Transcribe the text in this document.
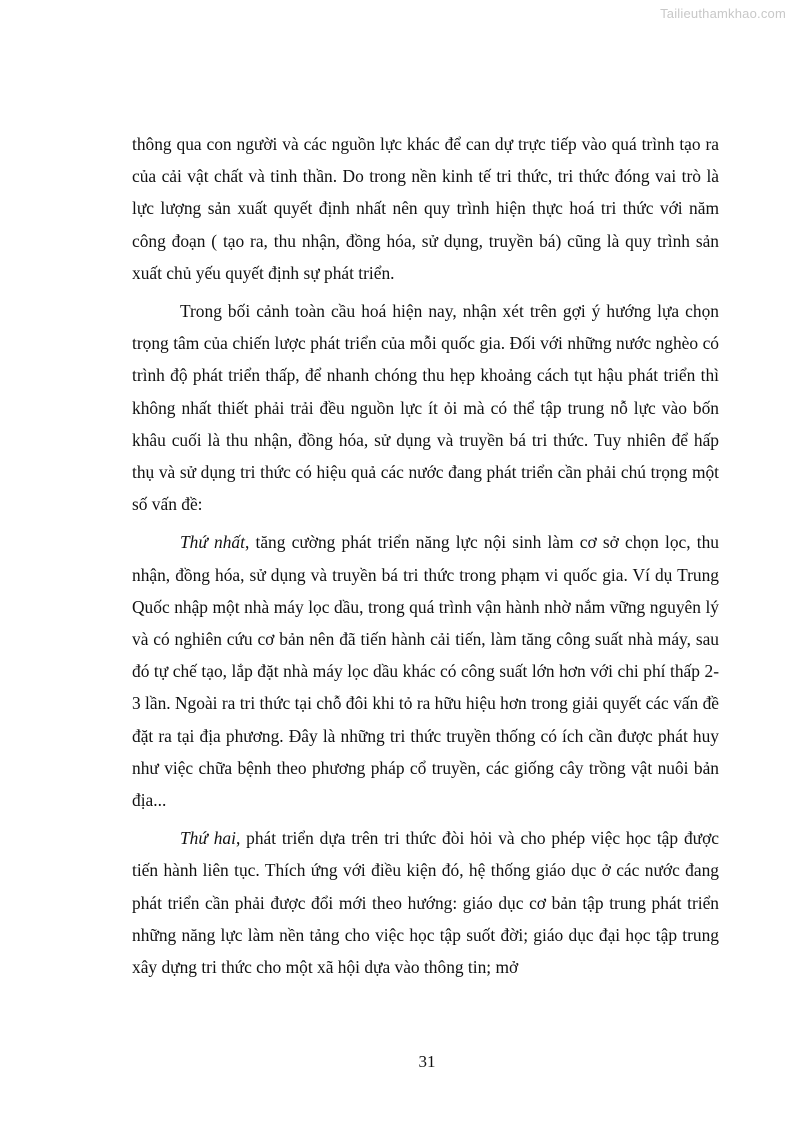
Tailieuthamkhao.com

thông qua con người và các nguồn lực khác để can dự trực tiếp vào quá trình tạo ra của cải vật chất và tinh thần. Do trong nền kinh tế tri thức, tri thức đóng vai trò là lực lượng sản xuất quyết định nhất nên quy trình hiện thực hoá tri thức với năm công đoạn ( tạo ra, thu nhận, đồng hóa, sử dụng, truyền bá) cũng là quy trình sản xuất chủ yếu quyết định sự phát triển.

Trong bối cảnh toàn cầu hoá hiện nay, nhận xét trên gợi ý hướng lựa chọn trọng tâm của chiến lược phát triển của mỗi quốc gia. Đối với những nước nghèo có trình độ phát triển thấp, để nhanh chóng thu hẹp khoảng cách tụt hậu phát triển thì không nhất thiết phải trải đều nguồn lực ít ỏi mà có thể tập trung nỗ lực vào bốn khâu cuối là thu nhận, đồng hóa, sử dụng và truyền bá tri thức. Tuy nhiên để hấp thụ và sử dụng tri thức có hiệu quả các nước đang phát triển cần phải chú trọng một số vấn đề:

Thứ nhất, tăng cường phát triển năng lực nội sinh làm cơ sở chọn lọc, thu nhận, đồng hóa, sử dụng và truyền bá tri thức trong phạm vi quốc gia. Ví dụ Trung Quốc nhập một nhà máy lọc dầu, trong quá trình vận hành nhờ nắm vững nguyên lý và có nghiên cứu cơ bản nên đã tiến hành cải tiến, làm tăng công suất nhà máy, sau đó tự chế tạo, lắp đặt nhà máy lọc dầu khác có công suất lớn hơn với chi phí thấp 2-3 lần. Ngoài ra tri thức tại chỗ đôi khi tỏ ra hữu hiệu hơn trong giải quyết các vấn đề đặt ra tại địa phương. Đây là những tri thức truyền thống có ích cần được phát huy như việc chữa bệnh theo phương pháp cổ truyền, các giống cây trồng vật nuôi bản địa...

Thứ hai, phát triển dựa trên tri thức đòi hỏi và cho phép việc học tập được tiến hành liên tục. Thích ứng với điều kiện đó, hệ thống giáo dục ở các nước đang phát triển cần phải được đổi mới theo hướng: giáo dục cơ bản tập trung phát triển những năng lực làm nền tảng cho việc học tập suốt đời; giáo dục đại học tập trung xây dựng tri thức cho một xã hội dựa vào thông tin; mở

31
